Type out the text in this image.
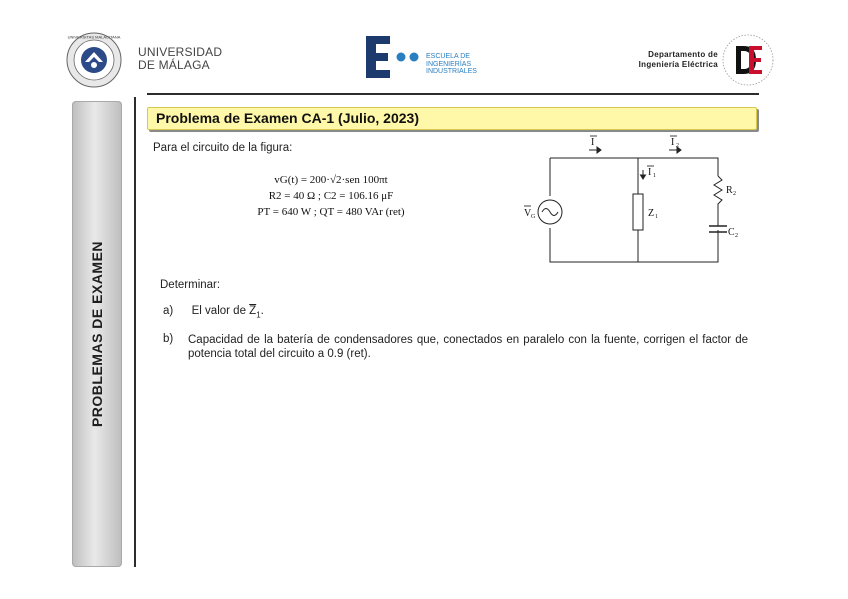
UNIVERSITAS MALACITANA
UNIVERSIDAD
DE MÁLAGA
ESCUELA DE
INGENIERÍAS
INDUSTRIALES
Departamento de
Ingeniería Eléctrica
PROBLEMAS DE EXAMEN
Problema de Examen CA-1 (Julio, 2023)
Para el circuito de la figura:
vG(t) = 200·√2·sen 100πt
R2 = 40 Ω ; C2 = 106.16 μF
PT = 640 W ; QT = 480 VAr (ret)
I	I 2
I 1
V G	Z 1
R 2
C 2
Determinar:
a) El valor de $\overline{Z}_1$.
b) Capacidad de la batería de condensadores que, conectados en paralelo con la fuente, corrigen el factor de potencia total del circuito a 0.9 (ret).
